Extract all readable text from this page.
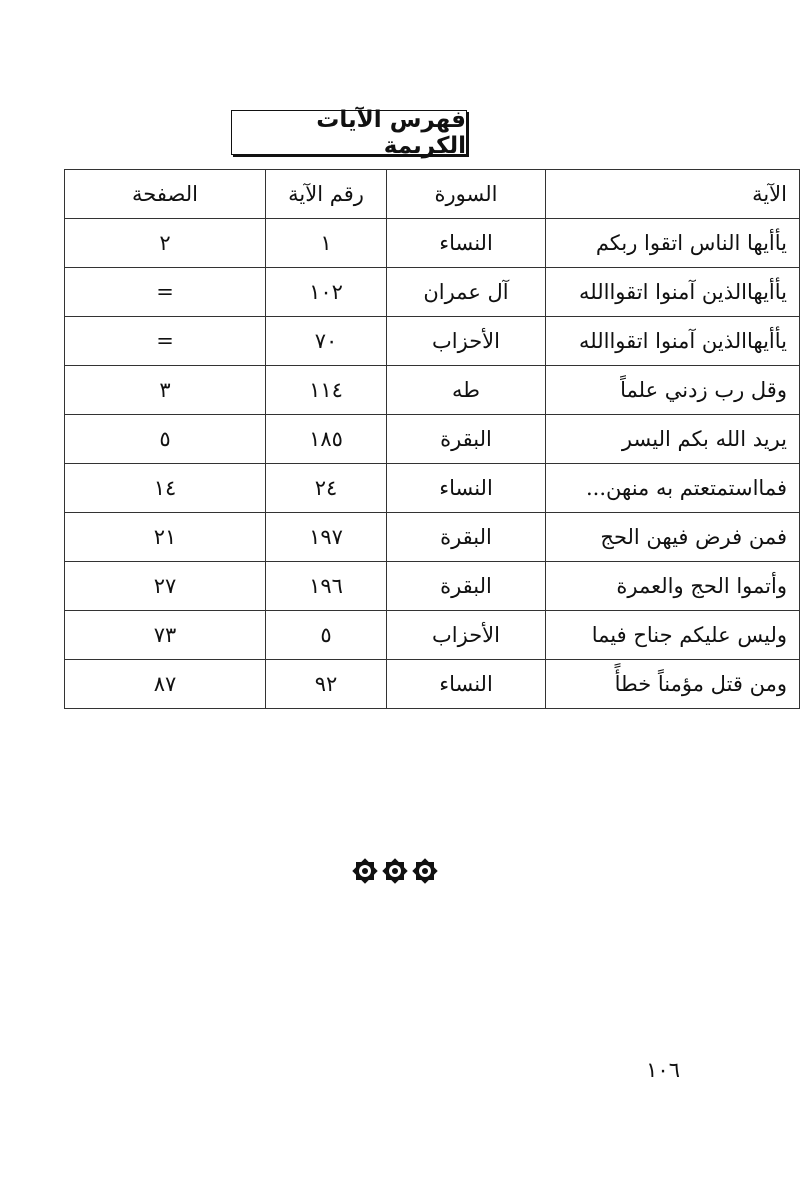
فهرس الآيات الكريمة
الآية	السورة	رقم الآية	الصفحة
يأأيها الناس اتقوا ربكم	النساء	١	٢
يأأيهاالذين آمنوا اتقواالله	آل عمران	١٠٢	=
يأأيهاالذين آمنوا اتقواالله	الأحزاب	٧٠	=
وقل رب زدني علماً	طه	١١٤	٣
يريد الله بكم اليسر	البقرة	١٨٥	٥
فمااستمتعتم به منهن...	النساء	٢٤	١٤
فمن فرض فيهن الحج	البقرة	١٩٧	٢١
وأتموا الحج والعمرة	البقرة	١٩٦	٢٧
وليس عليكم جناح فيما	الأحزاب	٥	٧٣
ومن قتل مؤمناً خطأً	النساء	٩٢	٨٧
١٠٦
